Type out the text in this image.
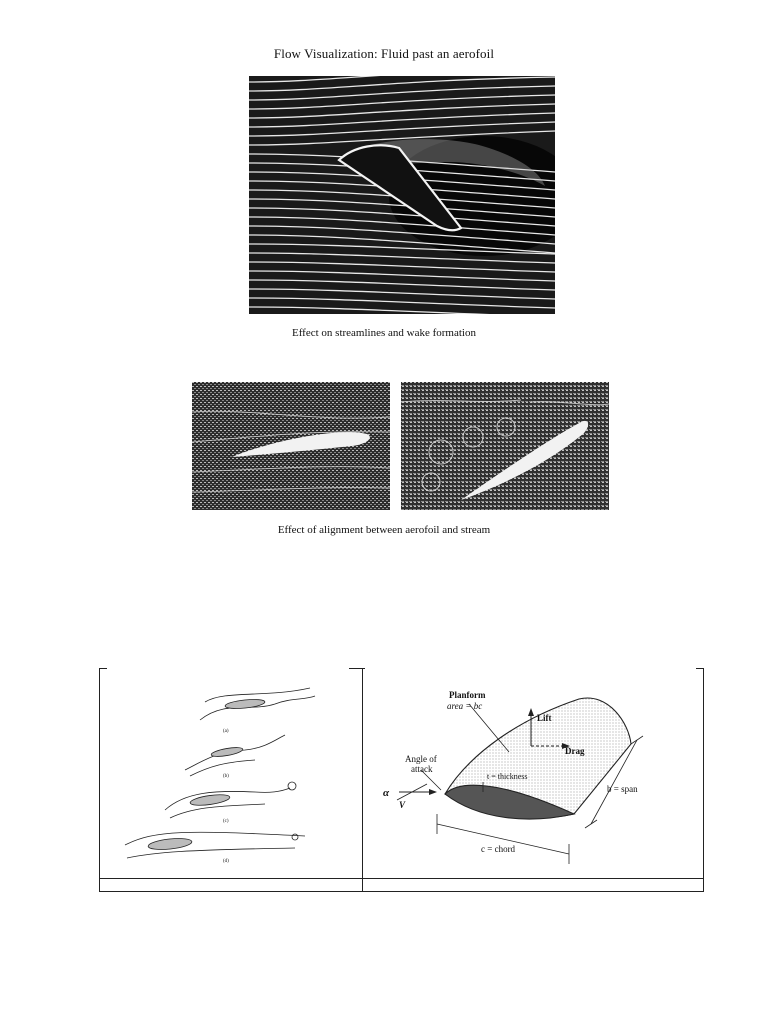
Flow Visualization: Fluid past an aerofoil
Effect on streamlines and wake formation
Effect of alignment between aerofoil and stream
(a)
(b)
(c)
(d)
Planform
area = bc
Lift
Drag
Angle of
attack
α
V
t = thickness
b = span
c = chord
